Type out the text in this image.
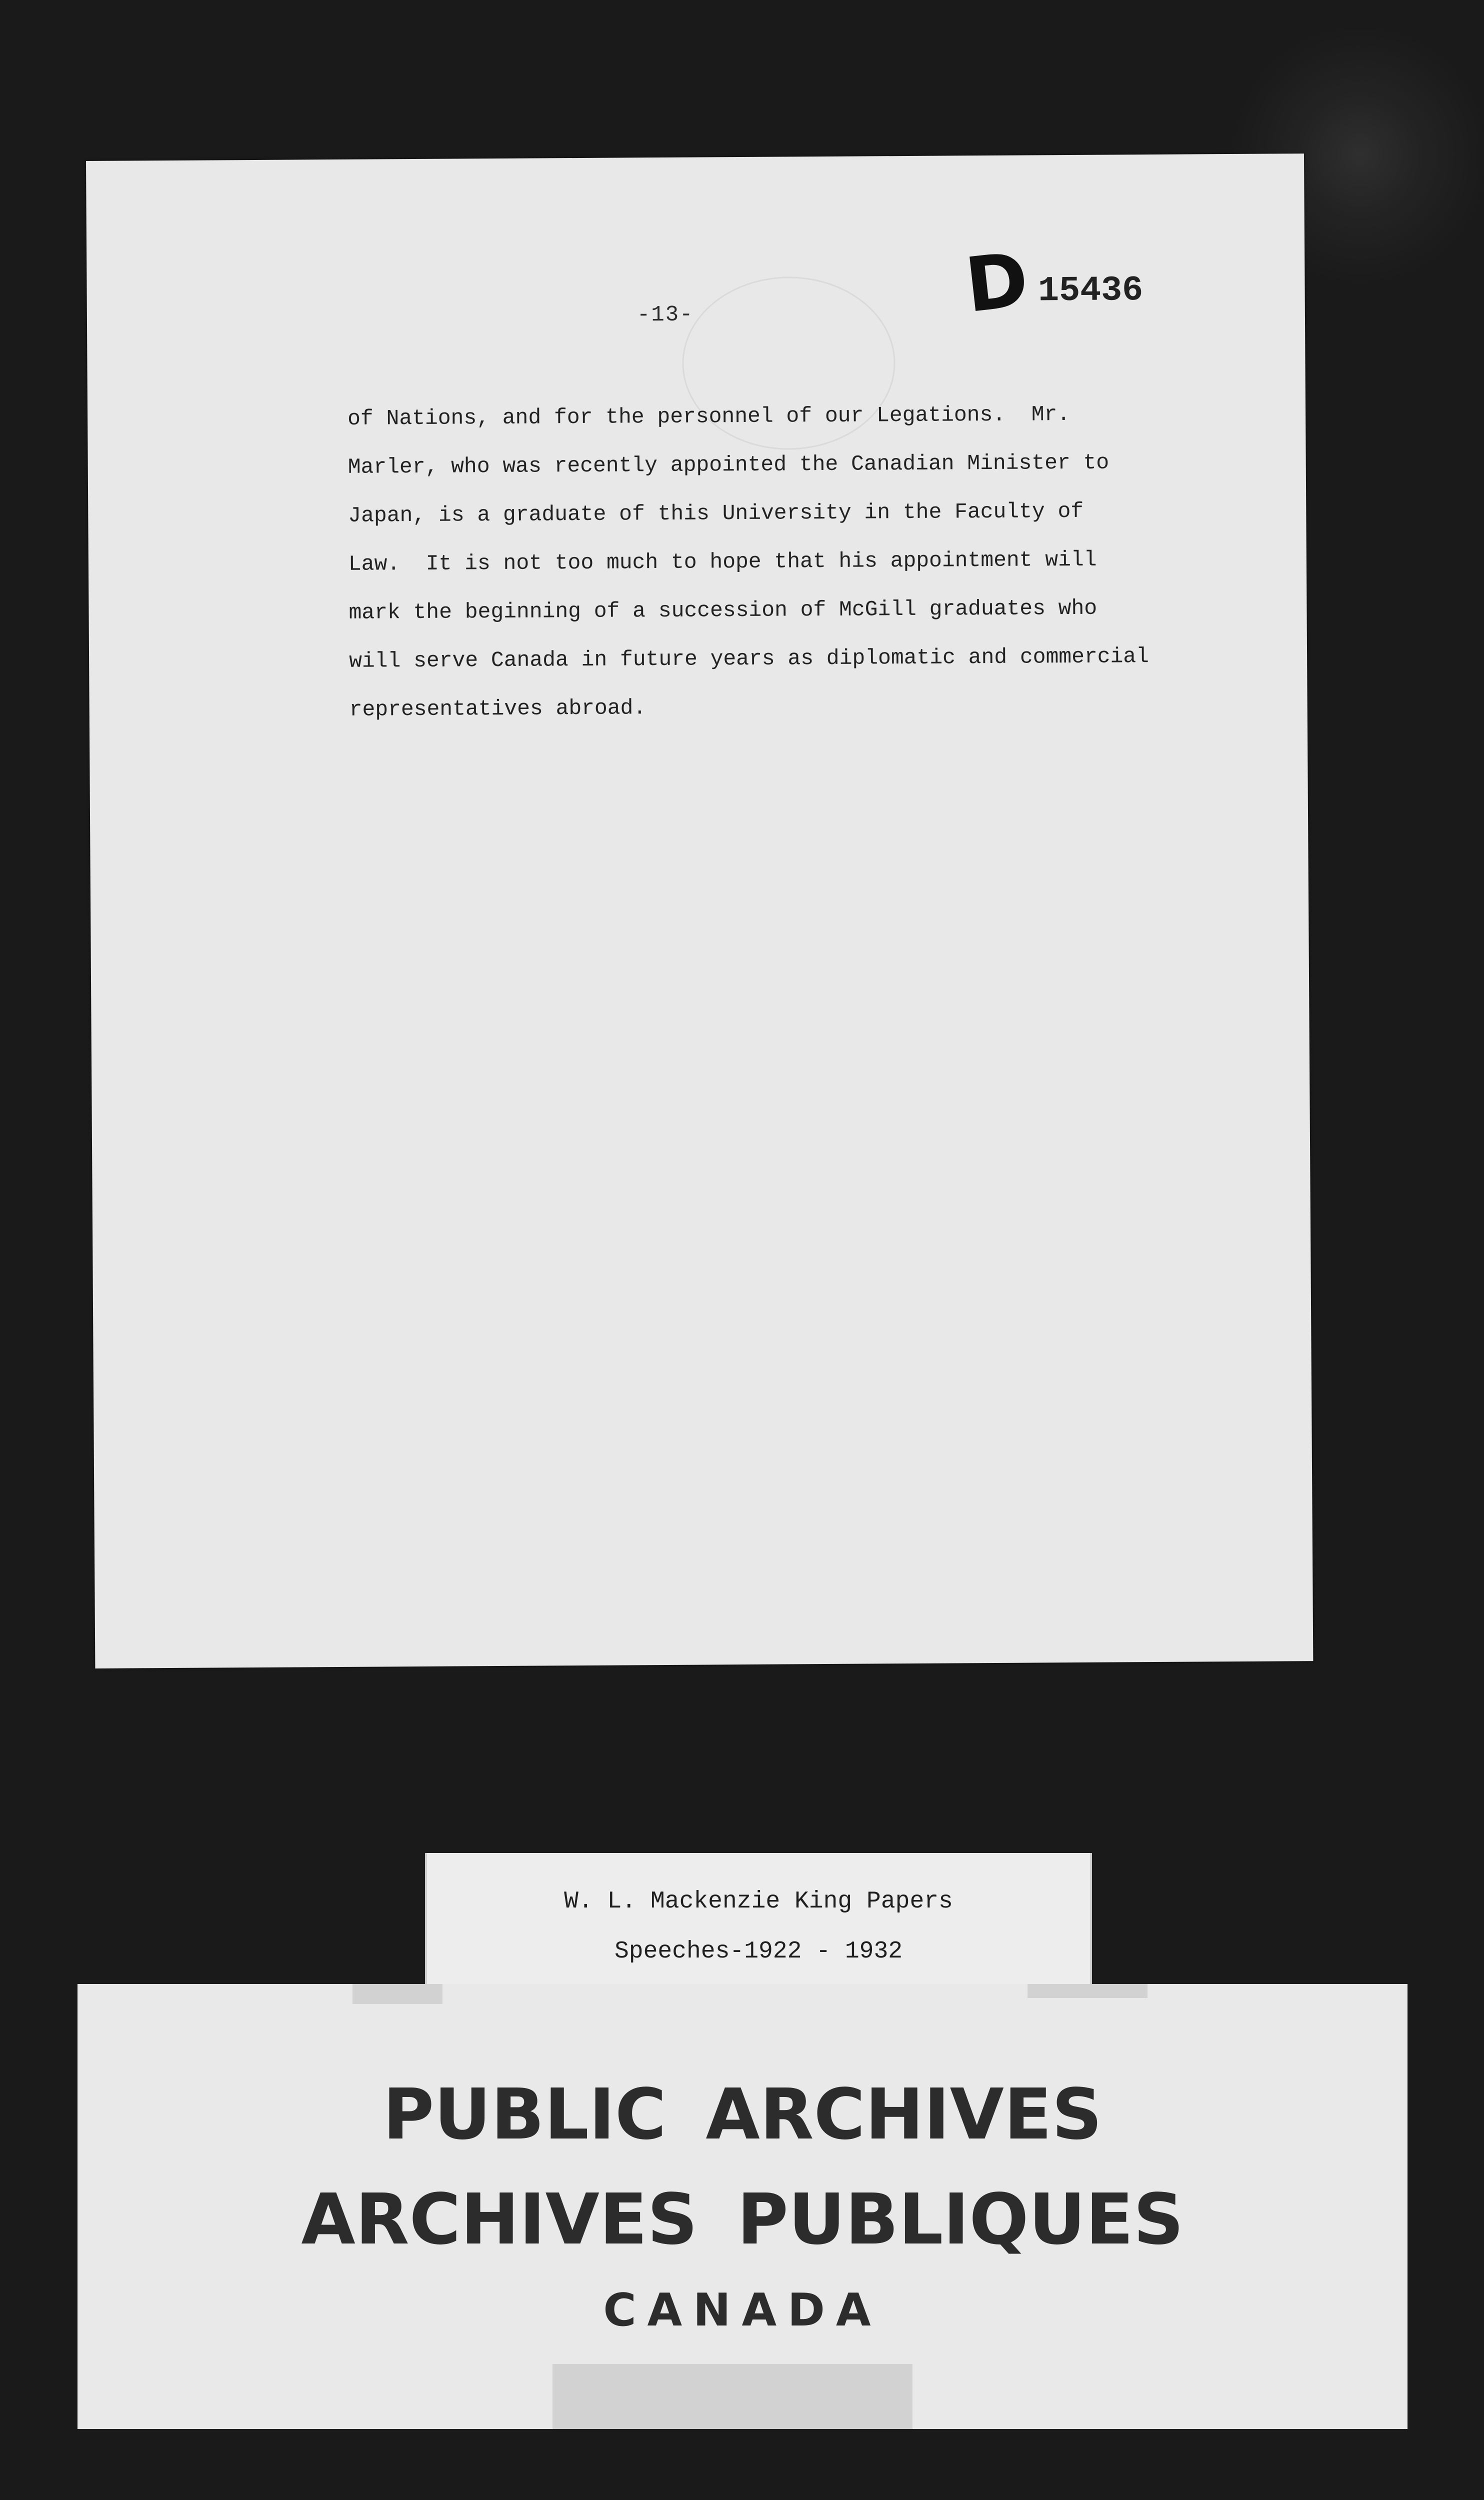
-13-	D 15436
of Nations, and for the personnel of our Legations.  Mr.
Marler, who was recently appointed the Canadian Minister to
Japan, is a graduate of this University in the Faculty of
Law.  It is not too much to hope that his appointment will
mark the beginning of a succession of McGill graduates who
will serve Canada in future years as diplomatic and commercial
representatives abroad.
W. L. Mackenzie King Papers
Speeches-1922 - 1932
PUBLIC ARCHIVES
ARCHIVES PUBLIQUES
CANADA
